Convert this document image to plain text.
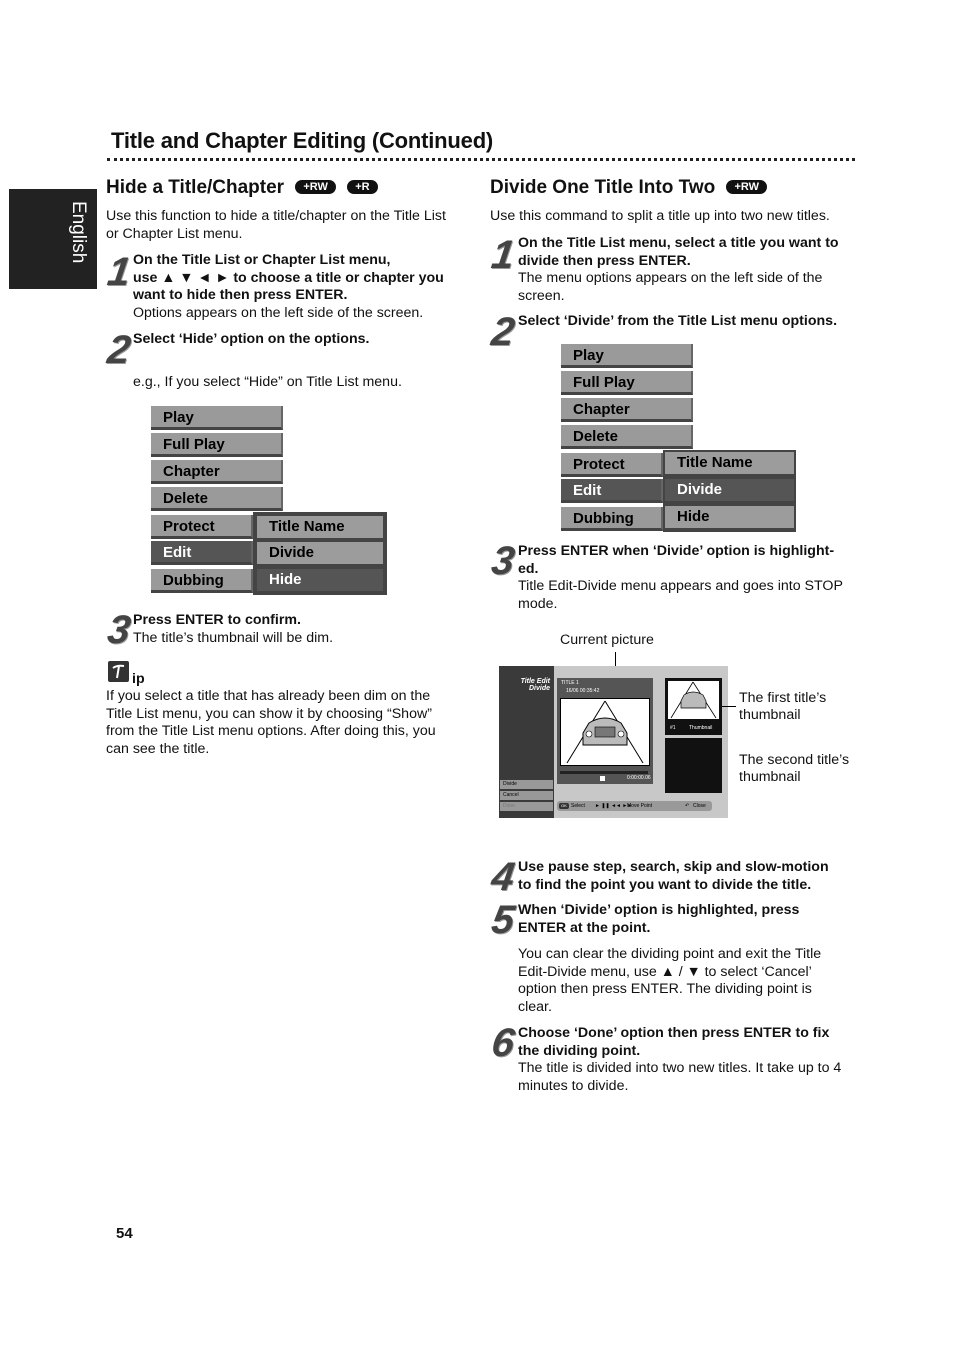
Title and Chapter Editing (Continued)
English
Hide a Title/Chapter +RW +R
Use this function to hide a title/chapter on the Title List or Chapter List menu.
1 On the Title List or Chapter List menu,
use ▲ ▼ ◄ ► to choose a title or chapter you
want to hide then press ENTER.
Options appears on the left side of the screen.
2 Select ‘Hide’ option on the options.
e.g., If you select “Hide” on Title List menu.
Play
Full Play
Chapter
Delete
Protect
Edit
Dubbing
Title Name
Divide
Hide
3 Press ENTER to confirm.
The title’s thumbnail will be dim.
ip
If you select a title that has already been dim on the Title List menu, you can show it by choosing “Show” from the Title List menu options. After doing this, you can see the title.
Divide One Title Into Two +RW
Use this command to split a title up into two new titles.
1 On the Title List menu, select a title you want to
divide then press ENTER.
The menu options appears on the left side of the screen.
2 Select ‘Divide’ from the Title List menu options.
Play
Full Play
Chapter
Delete
Protect
Edit
Dubbing
Title Name
Divide
Hide
3 Press ENTER when ‘Divide’ option is highlight-
ed.
Title Edit-Divide menu appears and goes into STOP mode.
Current picture
Title Edit
Divide
Divide
Cancel
Done
TITLE 1
16/06 00:35:42
0:00:00.06
#1	Thumbnail
OK Select ► ❚❚ ◄◄ ►►
Move Point	↶ Close
The first title’s
thumbnail
The second title’s
thumbnail
4 Use pause step, search, skip and slow-motion
to find the point you want to divide the title.
5 When ‘Divide’ option is highlighted, press
ENTER at the point.
You can clear the dividing point and exit the Title Edit-Divide menu, use ▲ / ▼ to select ‘Cancel’ option then press ENTER. The dividing point is clear.
6 Choose ‘Done’ option then press ENTER to fix
the dividing point.
The title is divided into two new titles. It take up to 4 minutes to divide.
54
